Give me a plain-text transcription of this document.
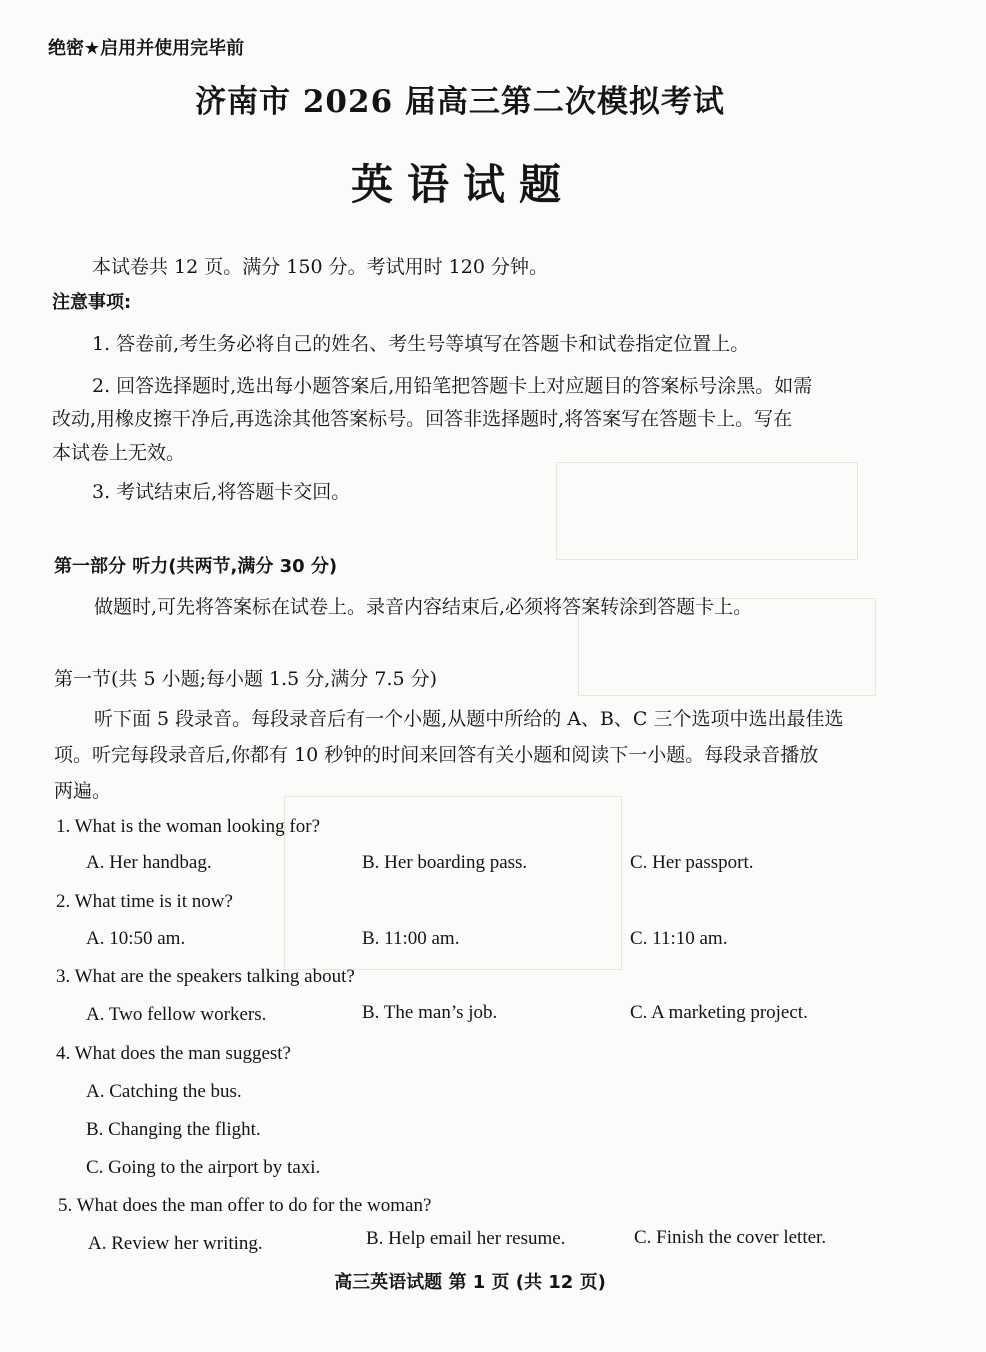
绝密★启用并使用完毕前
济南市 2026 届高三第二次模拟考试
英语试题
本试卷共 12 页。满分 150 分。考试用时 120 分钟。
注意事项:
1. 答卷前,考生务必将自己的姓名、考生号等填写在答题卡和试卷指定位置上。
2. 回答选择题时,选出每小题答案后,用铅笔把答题卡上对应题目的答案标号涂黑。如需
改动,用橡皮擦干净后,再选涂其他答案标号。回答非选择题时,将答案写在答题卡上。写在
本试卷上无效。
3. 考试结束后,将答题卡交回。
第一部分 听力(共两节,满分 30 分)
做题时,可先将答案标在试卷上。录音内容结束后,必须将答案转涂到答题卡上。
第一节(共 5 小题;每小题 1.5 分,满分 7.5 分)
听下面 5 段录音。每段录音后有一个小题,从题中所给的 A、B、C 三个选项中选出最佳选
项。听完每段录音后,你都有 10 秒钟的时间来回答有关小题和阅读下一小题。每段录音播放
两遍。
1. What is the woman looking for?
A. Her handbag.	B. Her boarding pass.	C. Her passport.
2. What time is it now?
A. 10:50 am.	B. 11:00 am.	C. 11:10 am.
3. What are the speakers talking about?
A. Two fellow workers.	B. The man’s job.	C. A marketing project.
4. What does the man suggest?
A. Catching the bus.
B. Changing the flight.
C. Going to the airport by taxi.
5. What does the man offer to do for the woman?
A. Review her writing.	B. Help email her resume.	C. Finish the cover letter.
高三英语试题 第 1 页 (共 12 页)
